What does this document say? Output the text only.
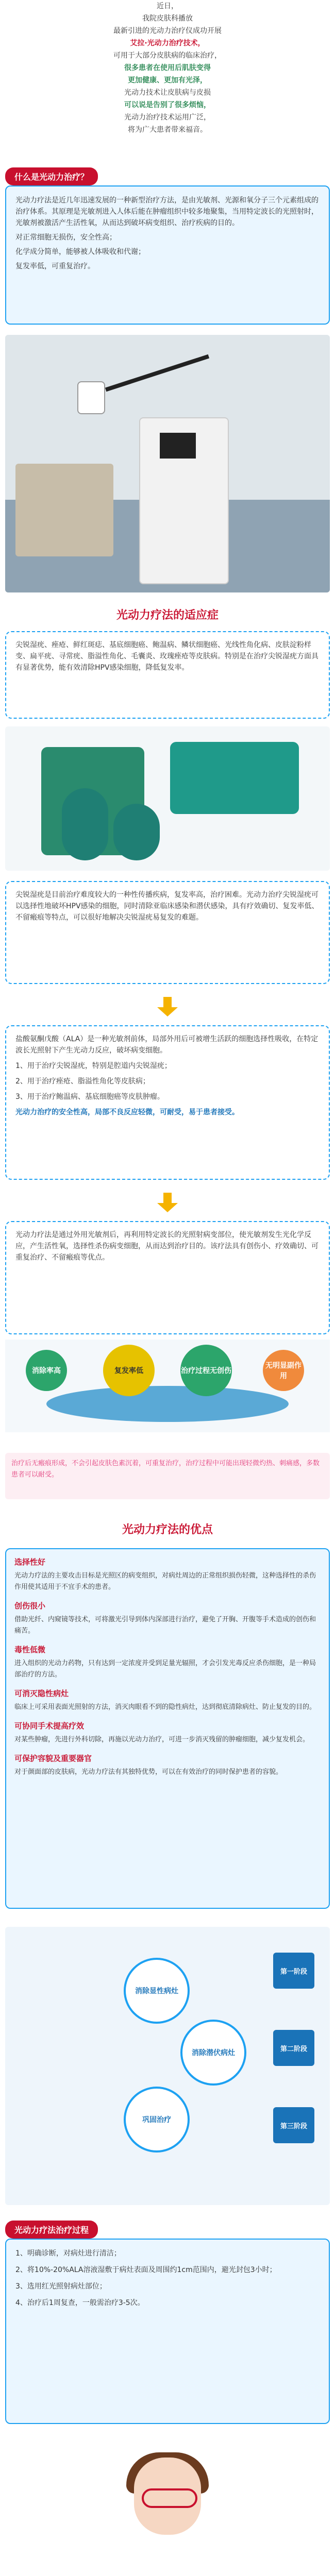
近日，

我院皮肤科播放

最新引进的光动力治疗仪成功开展

艾拉·光动力治疗技术，

可用于大部分皮肤病的临床治疗，

很多患者在使用后肌肤变得

更加健康、更加有光泽，

光动力技术让皮肤病与皮损

可以说是告别了很多烦恼，

光动力治疗技术运用广泛，

将为广大患者带来福音。

什么是光动力治疗？

光动力疗法是近几年迅速发展的一种新型治疗方法，是由光敏剂、光源和氧分子三个元素组成的治疗体系。其原理是光敏剂进入人体后能在肿瘤组织中较多地聚集，当用特定波长的光照射时，光敏剂被激活产生活性氧，从而达到破坏病变组织、治疗疾病的目的。

对正常细胞无损伤，安全性高；

化学成分简单，能够被人体吸收和代谢；

复发率低，可重复治疗。

光动力疗法的适应症

尖锐湿疣、痤疮、鲜红斑痣、基底细胞癌、鲍温病、鳞状细胞癌、光线性角化病、皮肤淀粉样变、扁平疣、寻常疣、脂溢性角化、毛囊炎、玫瑰痤疮等皮肤病。特别是在治疗尖锐湿疣方面具有显著优势，能有效清除HPV感染细胞，降低复发率。

尖锐湿疣是目前治疗难度较大的一种性传播疾病，复发率高，治疗困难。光动力治疗尖锐湿疣可以选择性地破坏HPV感染的细胞，同时清除亚临床感染和潜伏感染，具有疗效确切、复发率低、不留瘢痕等特点，可以很好地解决尖锐湿疣易复发的难题。

盐酸氨酮戊酸（ALA）是一种光敏剂前体，局部外用后可被增生活跃的细胞选择性吸收，在特定波长光照射下产生光动力反应，破坏病变细胞。

1、用于治疗尖锐湿疣，特别是腔道内尖锐湿疣；

2、用于治疗痤疮、脂溢性角化等皮肤病；

3、用于治疗鲍温病、基底细胞癌等皮肤肿瘤。

光动力治疗的安全性高，局部不良反应轻微，可耐受，易于患者接受。

光动力疗法是通过外用光敏剂后，再利用特定波长的光照射病变部位，使光敏剂发生光化学反应，产生活性氧，选择性杀伤病变细胞，从而达到治疗目的。该疗法具有创伤小、疗效确切、可重复治疗、不留瘢痕等优点。

消除率高	复发率低	治疗过程无创伤
无明显副作用
治疗后无瘢痕形成，不会引起皮肤色素沉着，可重复治疗，治疗过程中可能出现轻微灼热、刺痛感，多数患者可以耐受。
光动力疗法的优点

选择性好

光动力疗法的主要攻击目标是光照区的病变组织，对病灶周边的正常组织损伤轻微，这种选择性的杀伤作用使其适用于不宜手术的患者。

创伤很小

借助光纤、内窥镜等技术，可将激光引导到体内深部进行治疗，避免了开胸、开腹等手术造成的创伤和痛苦。

毒性低微

进入组织的光动力药物，只有达到一定浓度并受到足量光辐照，才会引发光毒反应杀伤细胞，是一种局部治疗的方法。

可消灭隐性病灶

临床上可采用表面光照射的方法，消灭肉眼看不到的隐性病灶，达到彻底清除病灶、防止复发的目的。

可协同手术提高疗效

对某些肿瘤，先进行外科切除，再施以光动力治疗，可进一步消灭残留的肿瘤细胞，减少复发机会。

可保护容貌及重要器官

对于颜面部的皮肤病，光动力疗法有其独特优势，可以在有效治疗的同时保护患者的容貌。

消除显性病灶
消除潜伏病灶
巩固治疗
第一阶段
第二阶段
第三阶段
光动力疗法治疗过程

1、明确诊断，对病灶进行清洁；

2、将10%-20%ALA溶液湿敷于病灶表面及周围约1cm范围内，避光封包3小时；

3、选用红光照射病灶部位；

4、治疗后1周复查，一般需治疗3-5次。
